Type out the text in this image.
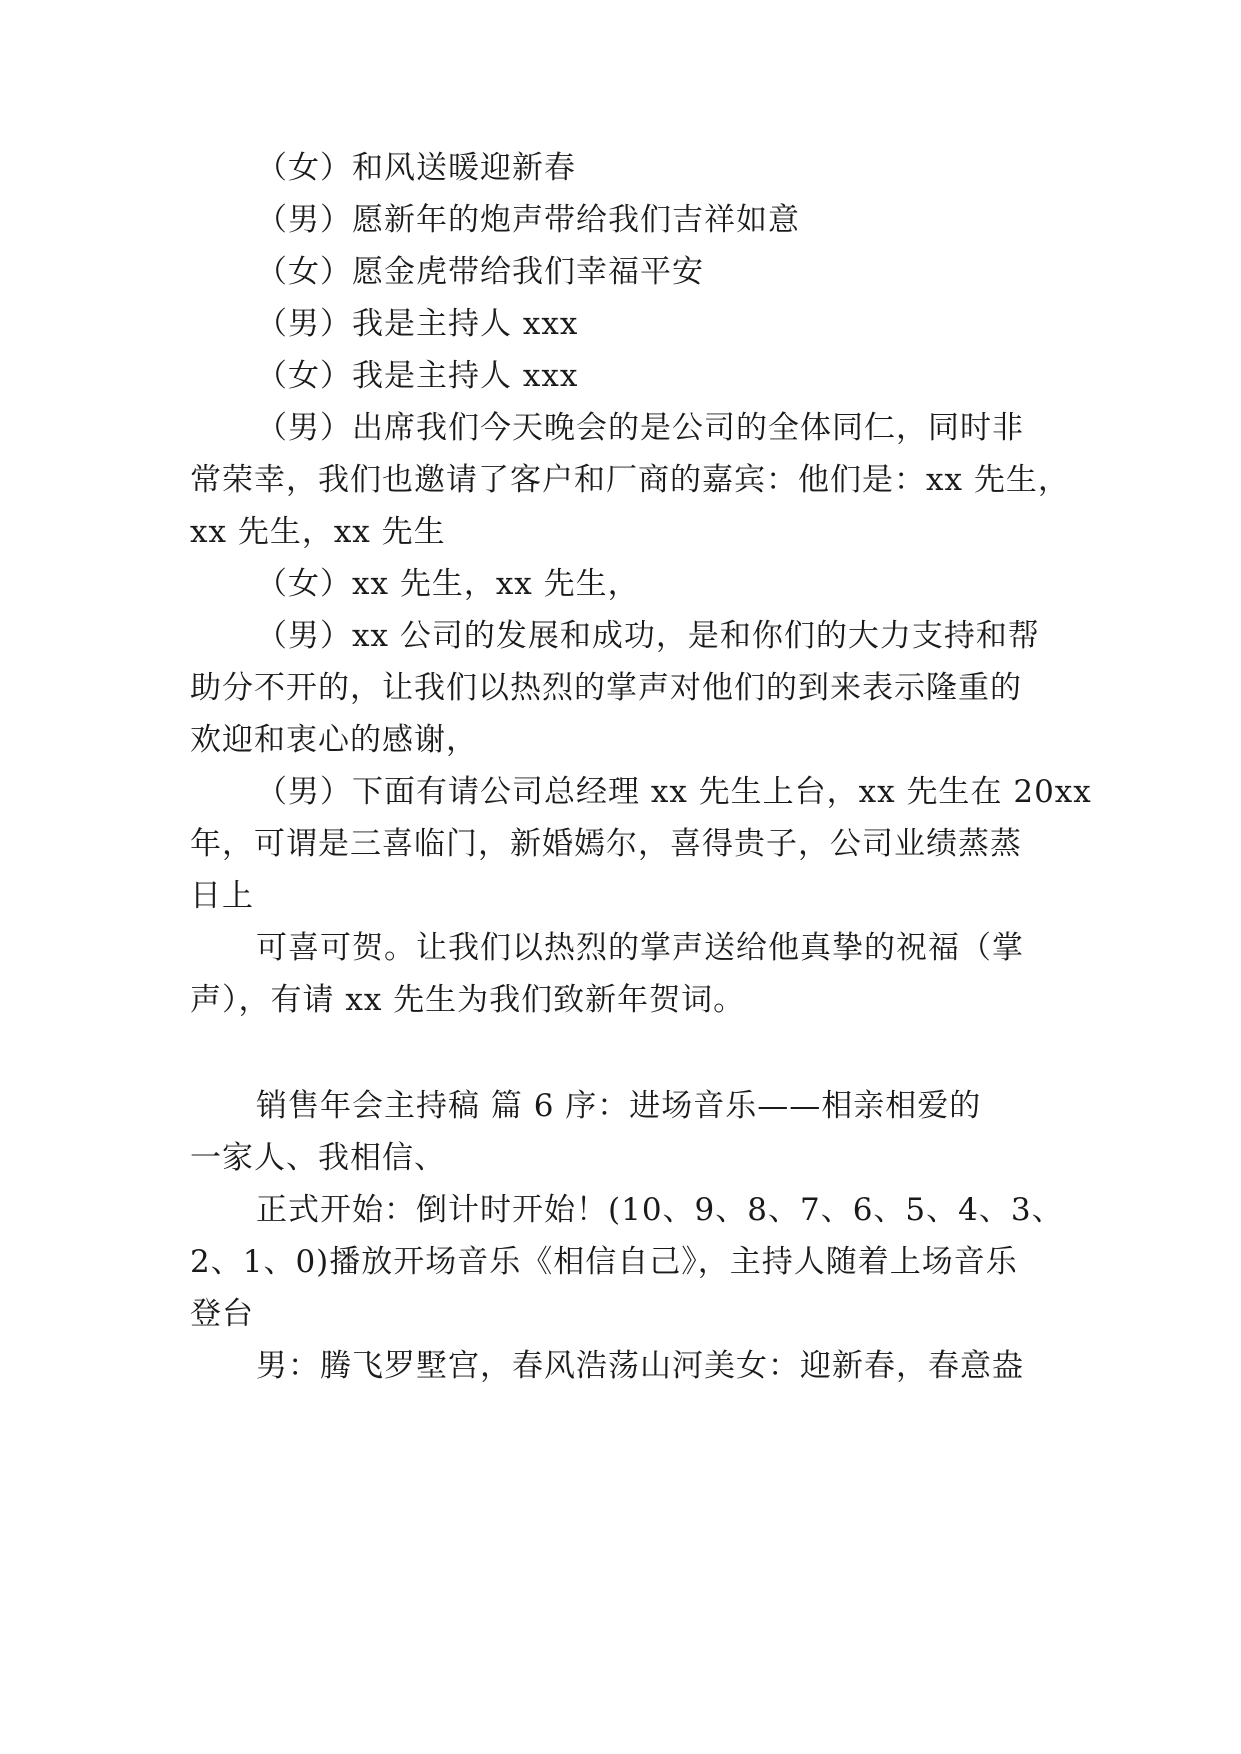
（女）和风送暖迎新春
（男）愿新年的炮声带给我们吉祥如意
（女）愿金虎带给我们幸福平安
（男）我是主持人 xxx
（女）我是主持人 xxx
（男）出席我们今天晚会的是公司的全体同仁，同时非
常荣幸，我们也邀请了客户和厂商的嘉宾：他们是：xx 先生，
xx 先生，xx 先生
（女）xx 先生，xx 先生，
（男）xx 公司的发展和成功，是和你们的大力支持和帮
助分不开的，让我们以热烈的掌声对他们的到来表示隆重的
欢迎和衷心的感谢，
（男）下面有请公司总经理 xx 先生上台，xx 先生在 20xx
年，可谓是三喜临门，新婚嫣尔，喜得贵子，公司业绩蒸蒸
日上
可喜可贺。让我们以热烈的掌声送给他真挚的祝福（掌
声），有请 xx 先生为我们致新年贺词。
销售年会主持稿 篇 6 序：进场音乐——相亲相爱的
一家人、我相信、
正式开始：倒计时开始！(10、9、8、7、6、5、4、3、
2、1、0)播放开场音乐《相信自己》，主持人随着上场音乐
登台
男：腾飞罗墅宫，春风浩荡山河美女：迎新春，春意盎
